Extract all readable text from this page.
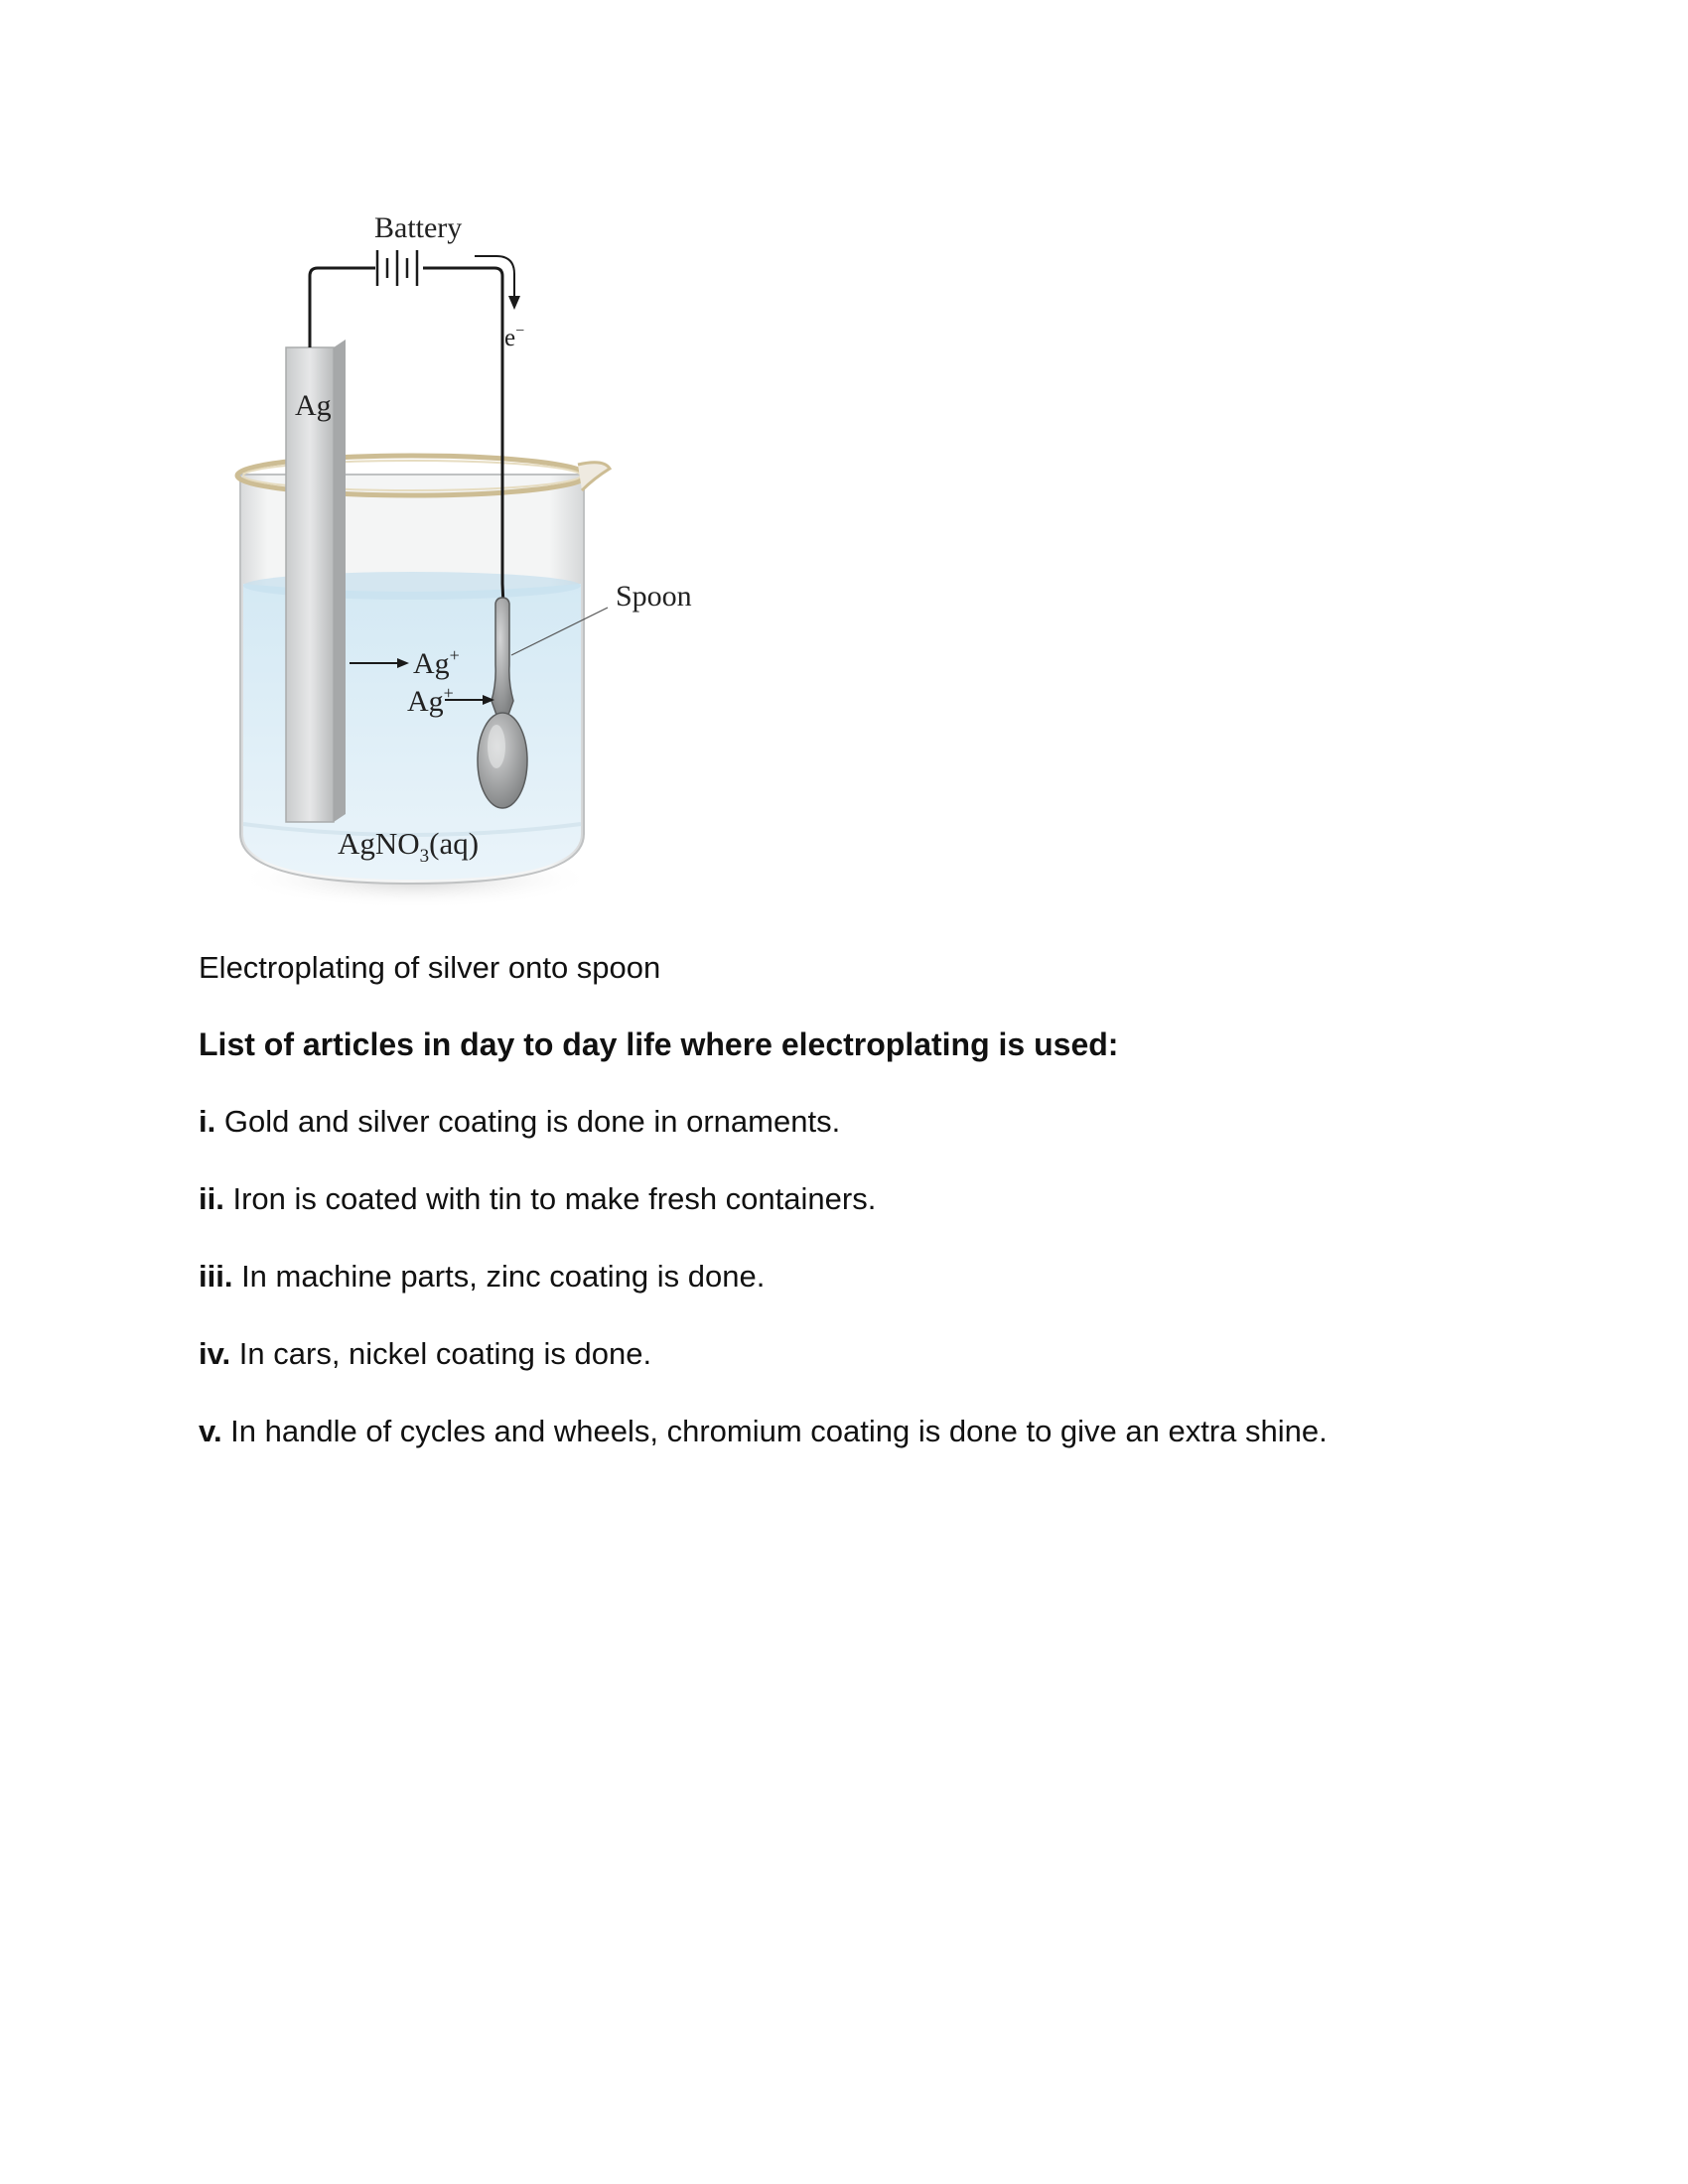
Battery
e−
Ag
Spoon
Ag+
Ag+
AgNO$_3$(aq)
Electroplating of silver onto spoon
List of articles in day to day life where electroplating is used:
i. Gold and silver coating is done in ornaments.
ii. Iron is coated with tin to make fresh containers.
iii. In machine parts, zinc coating is done.
iv. In cars, nickel coating is done.
v. In handle of cycles and wheels, chromium coating is done to give an extra shine.
